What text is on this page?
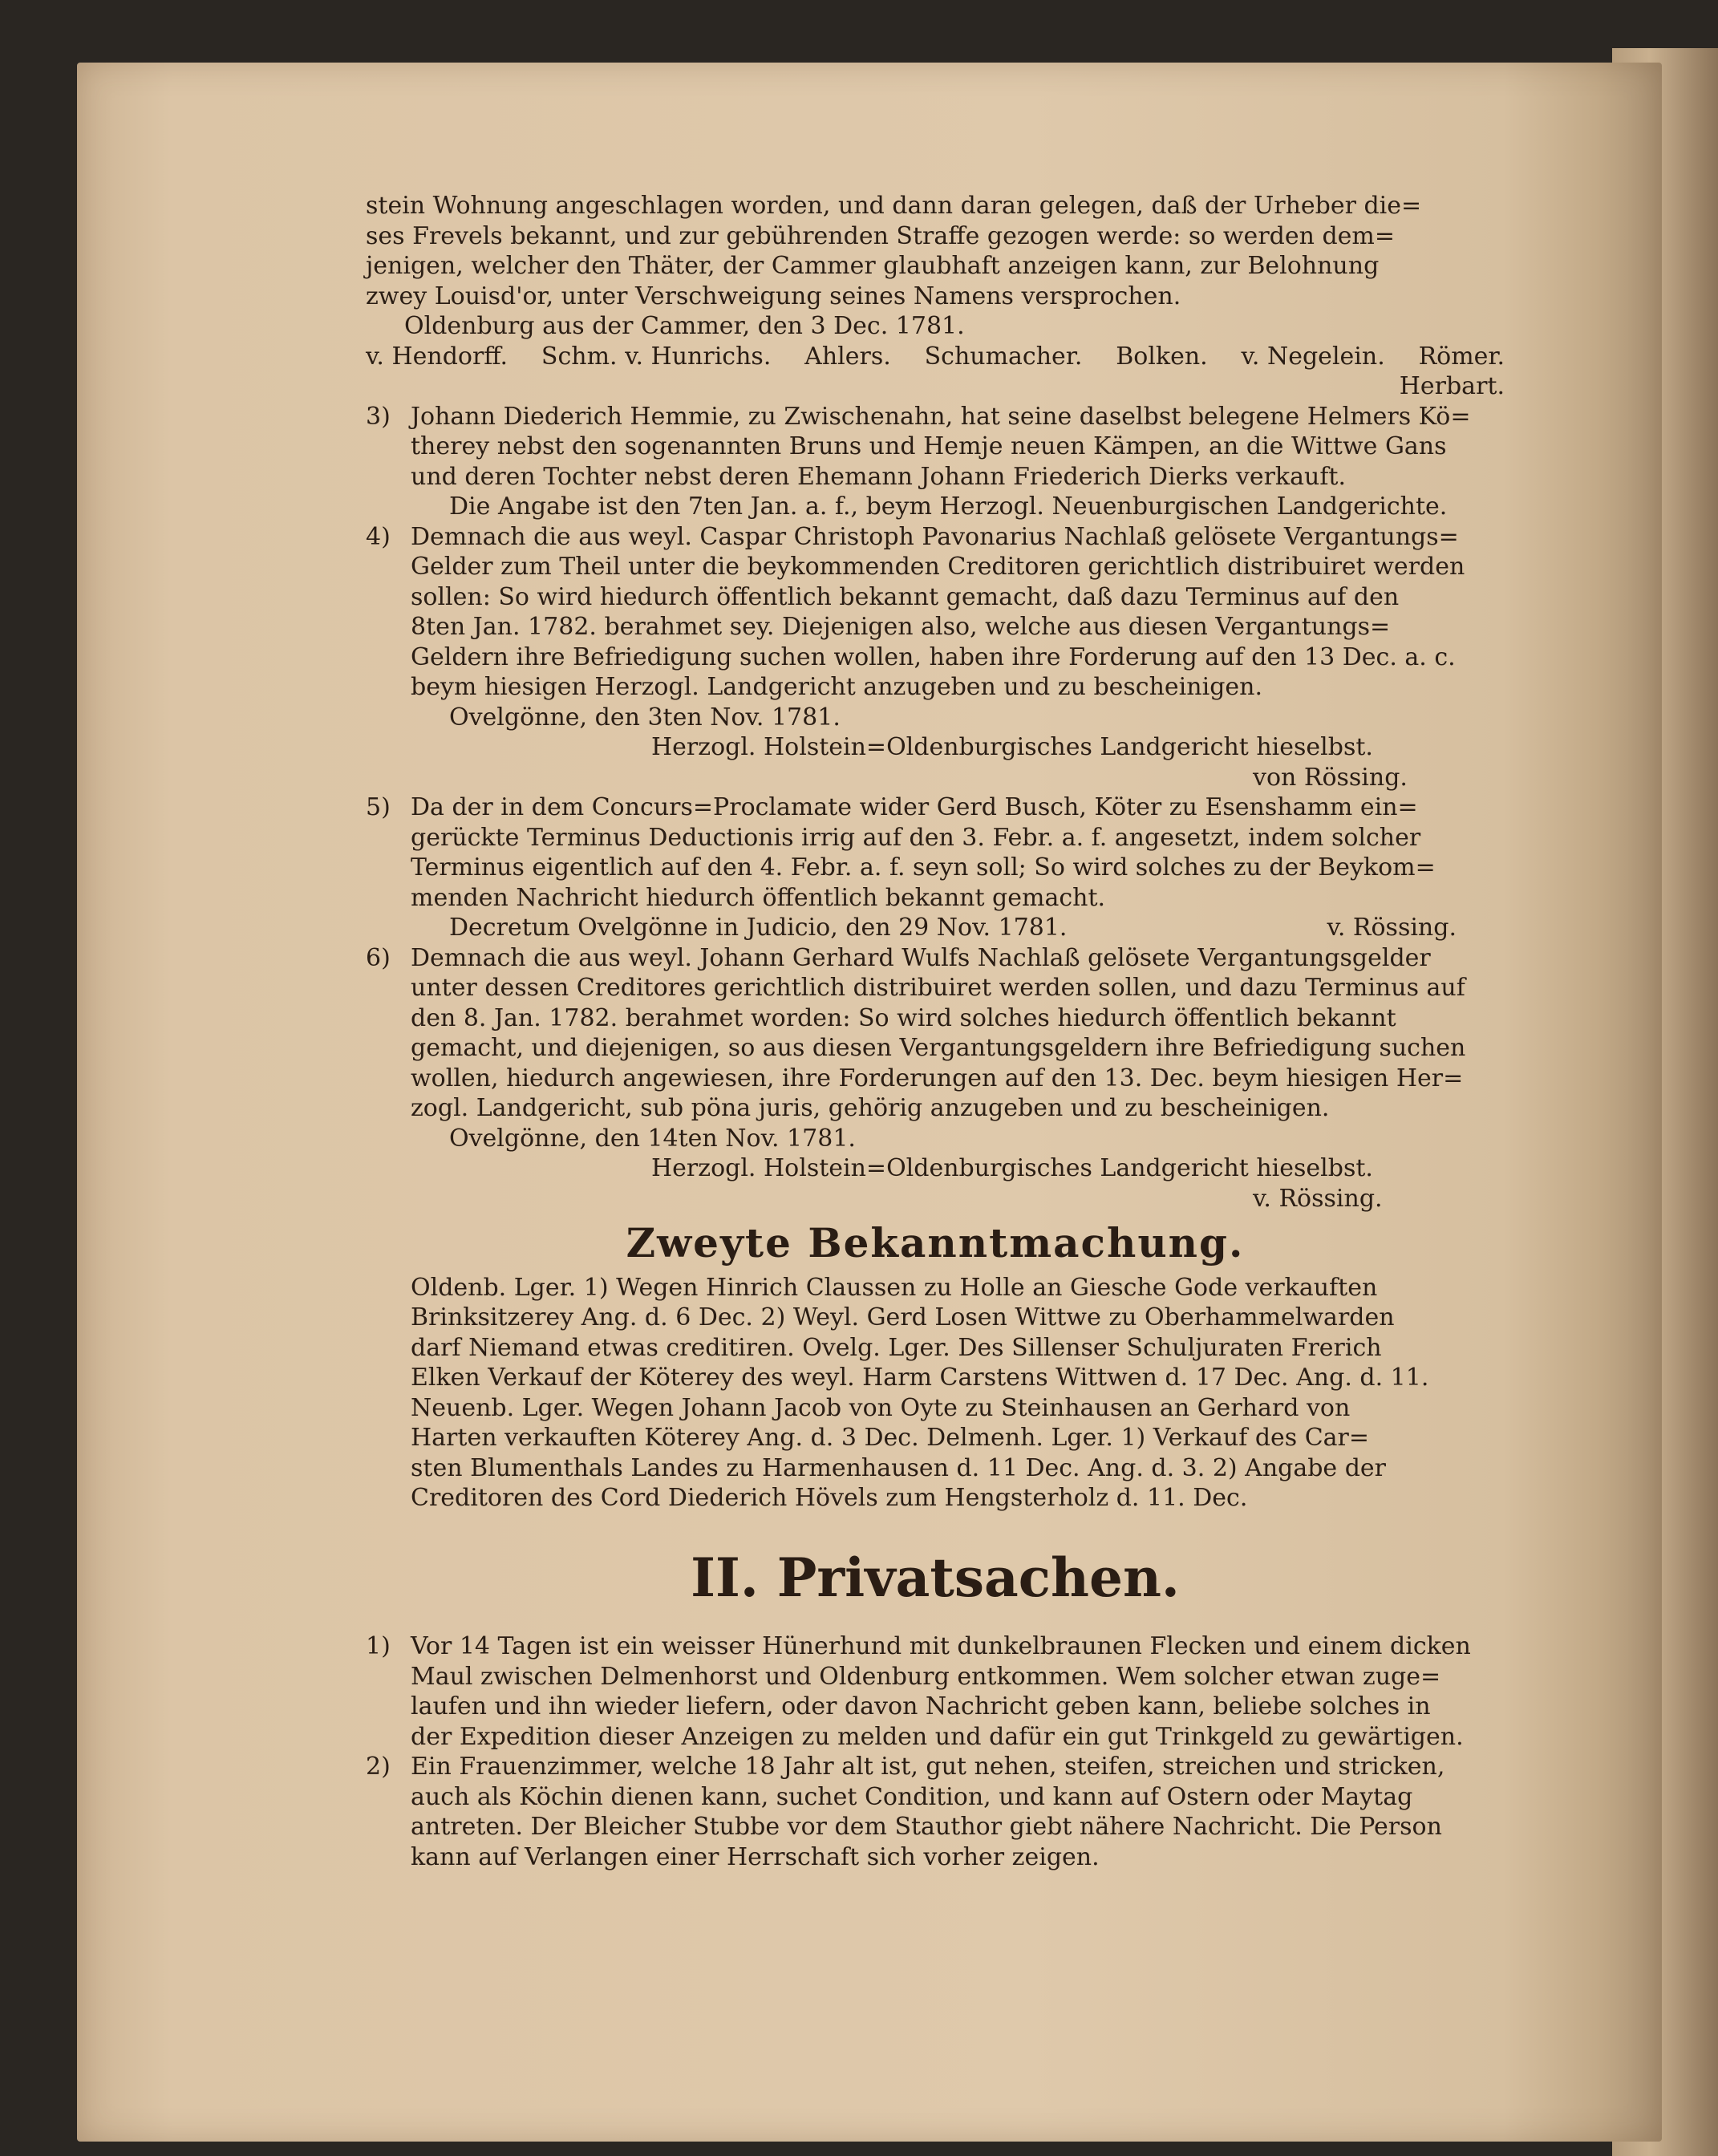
stein Wohnung angeschlagen worden, und dann daran gelegen, daß der Urheber die=
ses Frevels bekannt, und zur gebührenden Straffe gezogen werde: so werden dem=
jenigen, welcher den Thäter, der Cammer glaubhaft anzeigen kann, zur Belohnung
zwey Louisd'or, unter Verschweigung seines Namens versprochen.
Oldenburg aus der Cammer, den 3 Dec. 1781.
v. Hendorff. Schm. v. Hunrichs. Ahlers. Schumacher. Bolken. v. Negelein. Römer.
Herbart.
3) Johann Diederich Hemmie, zu Zwischenahn, hat seine daselbst belegene Helmers Kö=
therey nebst den sogenannten Bruns und Hemje neuen Kämpen, an die Wittwe Gans
und deren Tochter nebst deren Ehemann Johann Friederich Dierks verkauft.
Die Angabe ist den 7ten Jan. a. f., beym Herzogl. Neuenburgischen Landgerichte.
4) Demnach die aus weyl. Caspar Christoph Pavonarius Nachlaß gelösete Vergantungs=
Gelder zum Theil unter die beykommenden Creditoren gerichtlich distribuiret werden
sollen: So wird hiedurch öffentlich bekannt gemacht, daß dazu Terminus auf den
8ten Jan. 1782. berahmet sey. Diejenigen also, welche aus diesen Vergantungs=
Geldern ihre Befriedigung suchen wollen, haben ihre Forderung auf den 13 Dec. a. c.
beym hiesigen Herzogl. Landgericht anzugeben und zu bescheinigen.
Ovelgönne, den 3ten Nov. 1781.
Herzogl. Holstein=Oldenburgisches Landgericht hieselbst.
von Rössing.
5) Da der in dem Concurs=Proclamate wider Gerd Busch, Köter zu Esenshamm ein=
gerückte Terminus Deductionis irrig auf den 3. Febr. a. f. angesetzt, indem solcher
Terminus eigentlich auf den 4. Febr. a. f. seyn soll; So wird solches zu der Beykom=
menden Nachricht hiedurch öffentlich bekannt gemacht.
Decretum Ovelgönne in Judicio, den 29 Nov. 1781.	v. Rössing.
6) Demnach die aus weyl. Johann Gerhard Wulfs Nachlaß gelösete Vergantungsgelder
unter dessen Creditores gerichtlich distribuiret werden sollen, und dazu Terminus auf
den 8. Jan. 1782. berahmet worden: So wird solches hiedurch öffentlich bekannt
gemacht, und diejenigen, so aus diesen Vergantungsgeldern ihre Befriedigung suchen
wollen, hiedurch angewiesen, ihre Forderungen auf den 13. Dec. beym hiesigen Her=
zogl. Landgericht, sub pöna juris, gehörig anzugeben und zu bescheinigen.
Ovelgönne, den 14ten Nov. 1781.
Herzogl. Holstein=Oldenburgisches Landgericht hieselbst.
v. Rössing.
Zweyte Bekanntmachung.
Oldenb. Lger. 1) Wegen Hinrich Claussen zu Holle an Giesche Gode verkauften
Brinksitzerey Ang. d. 6 Dec. 2) Weyl. Gerd Losen Wittwe zu Oberhammelwarden
darf Niemand etwas creditiren. Ovelg. Lger. Des Sillenser Schuljuraten Frerich
Elken Verkauf der Köterey des weyl. Harm Carstens Wittwen d. 17 Dec. Ang. d. 11.
Neuenb. Lger. Wegen Johann Jacob von Oyte zu Steinhausen an Gerhard von
Harten verkauften Köterey Ang. d. 3 Dec. Delmenh. Lger. 1) Verkauf des Car=
sten Blumenthals Landes zu Harmenhausen d. 11 Dec. Ang. d. 3. 2) Angabe der
Creditoren des Cord Diederich Hövels zum Hengsterholz d. 11. Dec.
II. Privatsachen.
1) Vor 14 Tagen ist ein weisser Hünerhund mit dunkelbraunen Flecken und einem dicken
Maul zwischen Delmenhorst und Oldenburg entkommen. Wem solcher etwan zuge=
laufen und ihn wieder liefern, oder davon Nachricht geben kann, beliebe solches in
der Expedition dieser Anzeigen zu melden und dafür ein gut Trinkgeld zu gewärtigen.
2) Ein Frauenzimmer, welche 18 Jahr alt ist, gut nehen, steifen, streichen und stricken,
auch als Köchin dienen kann, suchet Condition, und kann auf Ostern oder Maytag
antreten. Der Bleicher Stubbe vor dem Stauthor giebt nähere Nachricht. Die Person
kann auf Verlangen einer Herrschaft sich vorher zeigen.
